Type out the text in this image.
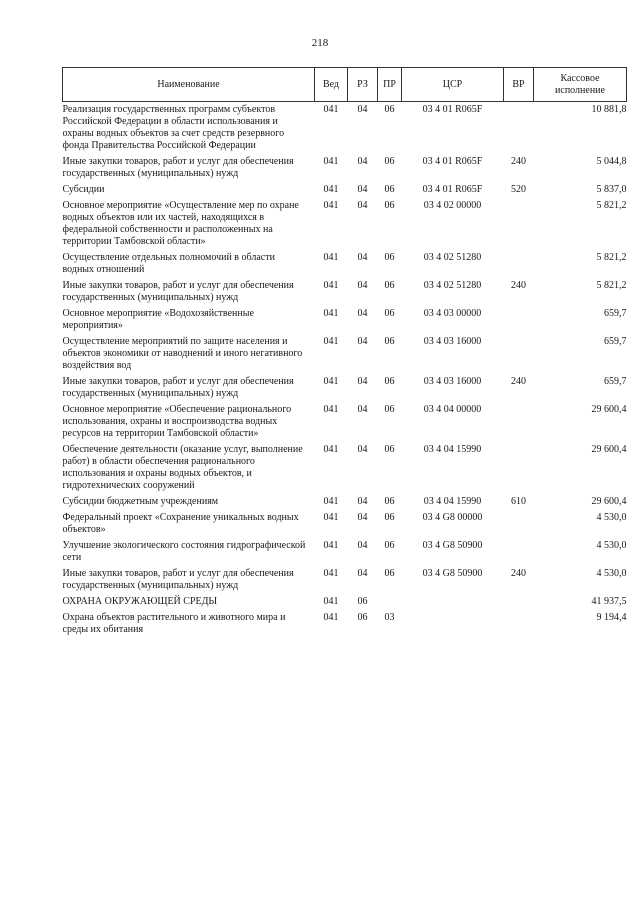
218
Наименование	Вед	РЗ	ПР	ЦСР	ВР	Кассовое исполнение
Реализация государственных программ субъектов Российской Федерации в области использования и охраны водных объектов за счет средств резервного фонда Правительства Российской Федерации	041	04	06	03 4 01 R065F		10 881,8
Иные закупки товаров, работ и услуг для обеспечения государственных (муниципальных) нужд	041	04	06	03 4 01 R065F	240	5 044,8
Субсидии	041	04	06	03 4 01 R065F	520	5 837,0
Основное мероприятие «Осуществление мер по охране водных объектов или их частей, находящихся в федеральной собственности и расположенных на территории Тамбовской области»	041	04	06	03 4 02 00000		5 821,2
Осуществление отдельных полномочий в области водных отношений	041	04	06	03 4 02 51280		5 821,2
Иные закупки товаров, работ и услуг для обеспечения государственных (муниципальных) нужд	041	04	06	03 4 02 51280	240	5 821,2
Основное мероприятие «Водохозяйственные мероприятия»	041	04	06	03 4 03 00000		659,7
Осуществление мероприятий по защите населения и объектов экономики от наводнений и иного негативного воздействия вод	041	04	06	03 4 03 16000		659,7
Иные закупки товаров, работ и услуг для обеспечения государственных (муниципальных) нужд	041	04	06	03 4 03 16000	240	659,7
Основное мероприятие «Обеспечение рационального использования, охраны и воспроизводства водных ресурсов на территории Тамбовской области»	041	04	06	03 4 04 00000		29 600,4
Обеспечение деятельности (оказание услуг, выполнение работ) в области обеспечения рационального использования и охраны водных объектов, и гидротехнических сооружений	041	04	06	03 4 04 15990		29 600,4
Субсидии бюджетным учреждениям	041	04	06	03 4 04 15990	610	29 600,4
Федеральный проект «Сохранение уникальных водных объектов»	041	04	06	03 4 G8 00000		4 530,0
Улучшение экологического состояния гидрографической сети	041	04	06	03 4 G8 50900		4 530,0
Иные закупки товаров, работ и услуг для обеспечения государственных (муниципальных) нужд	041	04	06	03 4 G8 50900	240	4 530,0
ОХРАНА ОКРУЖАЮЩЕЙ СРЕДЫ	041	06				41 937,5
Охрана объектов растительного и животного мира и среды их обитания	041	06	03			9 194,4
